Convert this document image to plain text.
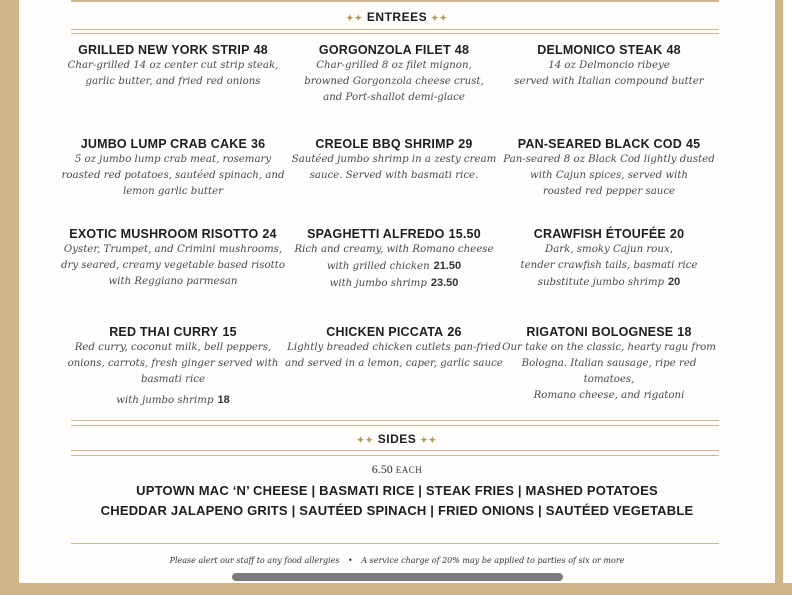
✦✦ ENTREES ✦✦
GRILLED NEW YORK STRIP 48
Char-grilled 14 oz center cut strip steak,
garlic butter, and fried red onions
GORGONZOLA FILET 48
Char-grilled 8 oz filet mignon,
browned Gorgonzola cheese crust,
and Port-shallot demi-glace
DELMONICO STEAK 48
14 oz Delmoncio ribeye
served with Italian compound butter
JUMBO LUMP CRAB CAKE 36
5 oz jumbo lump crab meat, rosemary
roasted red potatoes, sautéed spinach, and
lemon garlic butter
CREOLE BBQ SHRIMP 29
Sautéed jumbo shrimp in a zesty cream
sauce. Served with basmati rice.
PAN-SEARED BLACK COD 45
Pan-seared 8 oz Black Cod lightly dusted
with Cajun spices, served with
roasted red pepper sauce
EXOTIC MUSHROOM RISOTTO 24
Oyster, Trumpet, and Crimini mushrooms,
dry seared, creamy vegetable based risotto
with Reggiano parmesan
SPAGHETTI ALFREDO 15.50
Rich and creamy, with Romano cheese
with grilled chicken 21.50
with jumbo shrimp 23.50
CRAWFISH ÉTOUFÉE 20
Dark, smoky Cajun roux,
tender crawfish tails, basmati rice
substitute jumbo shrimp 20
RED THAI CURRY 15
Red curry, coconut milk, bell peppers,
onions, carrots, fresh ginger served with
basmati rice
with jumbo shrimp 18
CHICKEN PICCATA 26
Lightly breaded chicken cutlets pan-fried
and served in a lemon, caper, garlic sauce
RIGATONI BOLOGNESE 18
Our take on the classic, hearty ragu from
Bologna. Italian sausage, ripe red tomatoes,
Romano cheese, and rigatoni
✦✦ SIDES ✦✦
6.50 EACH
UPTOWN MAC ‘N’ CHEESE | BASMATI RICE | STEAK FRIES | MASHED POTATOES
CHEDDAR JALAPENO GRITS | SAUTÉED SPINACH | FRIED ONIONS | SAUTÉED VEGETABLE
Please alert our staff to any food allergies • A service charge of 20% may be applied to parties of six or more
